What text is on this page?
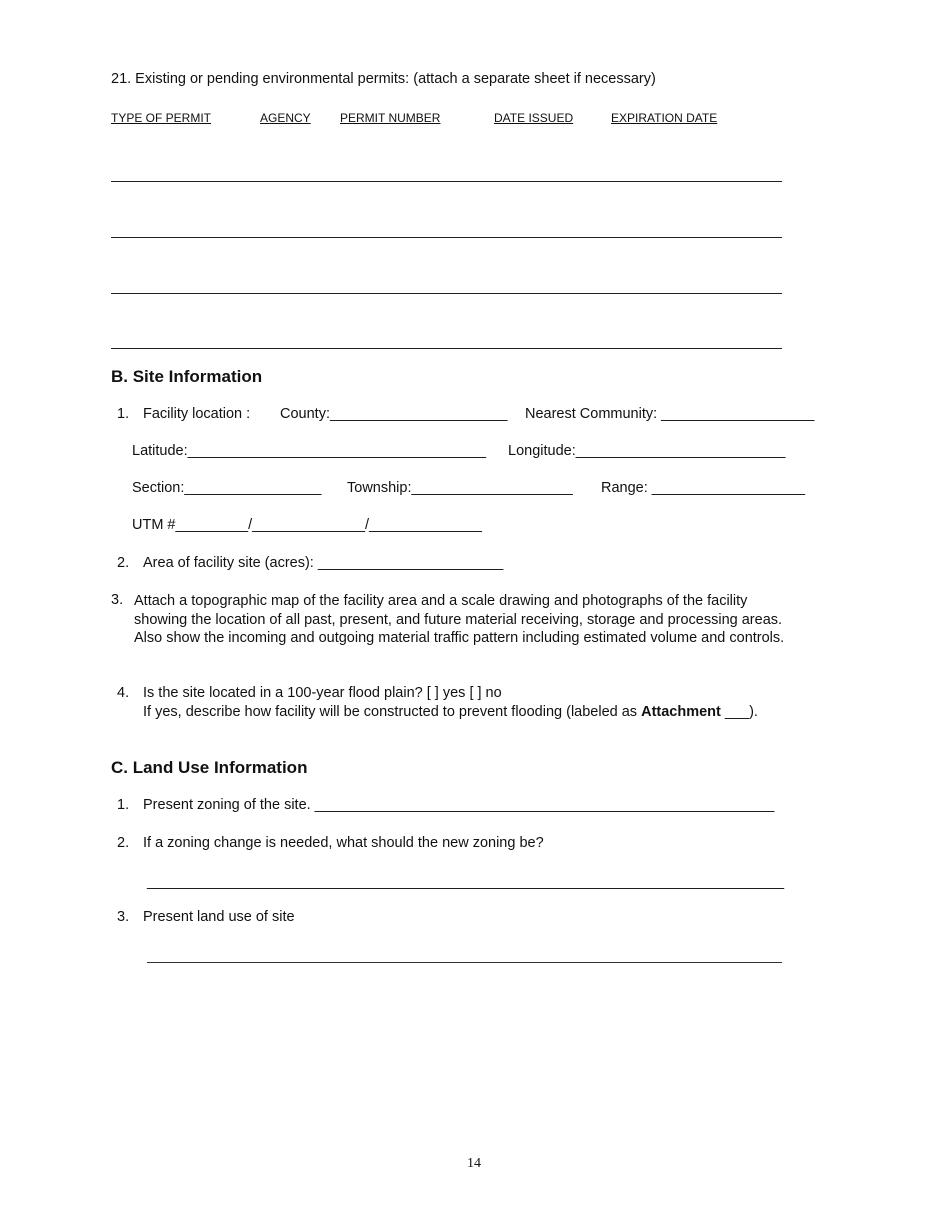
21. Existing or pending environmental permits: (attach a separate sheet if necessary)
TYPE OF PERMIT	AGENCY PERMIT NUMBER	DATE ISSUED	EXPIRATION DATE
B. Site Information
1. Facility location : County:______________________ Nearest Community: ___________________
Latitude:_____________________________________ Longitude:__________________________
Section:_________________ Township:____________________ Range: ___________________
UTM #_________/______________/______________
2. Area of facility site (acres): _______________________
3. Attach a topographic map of the facility area and a scale drawing and photographs of the facility showing the location of all past, present, and future material receiving, storage and processing areas. Also show the incoming and outgoing material traffic pattern including estimated volume and controls.
4. Is the site located in a 100-year flood plain? [ ] yes [ ] no
If yes, describe how facility will be constructed to prevent flooding (labeled as Attachment ___).
C. Land Use Information
1. Present zoning of the site. _________________________________________________________
2. If a zoning change is needed, what should the new zoning be?
_______________________________________________________________________________
3. Present land use of site
14
